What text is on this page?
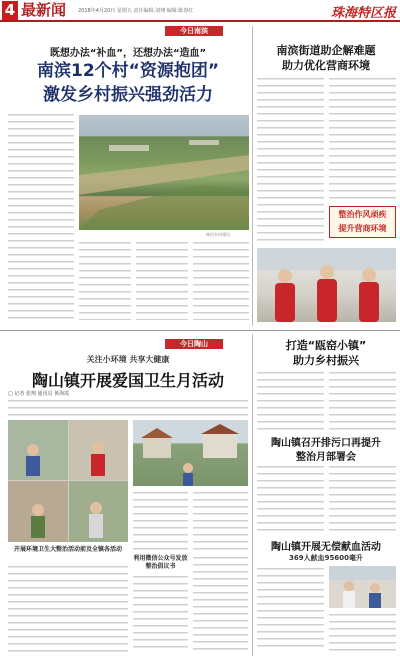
4 最新闻 2018年4月20日 星期五 责任编辑:刘翔 编辑:陈春红	珠海特区报
今日南滨
既想办法“补血”，还想办法“造血”
南滨12个村“资源抱团”
激发乡村振兴强劲活力
林田乡村建设
南滨街道助企解难题
助力优化营商环境
整治作风顽疾
提升营商环境
今日陶山
关注小环境 共享大健康
陶山镇开展爱国卫生月活动
□ 记者 张翔 通讯员 黄海霞
开展环境卫生大整治活动前及全镇各活动
利用微信公众号发放整治倡议书
打造“瓯窑小镇”
助力乡村振兴
陶山镇召开排污口再提升
整治月部署会
陶山镇开展无偿献血活动
369人献血95600毫升
